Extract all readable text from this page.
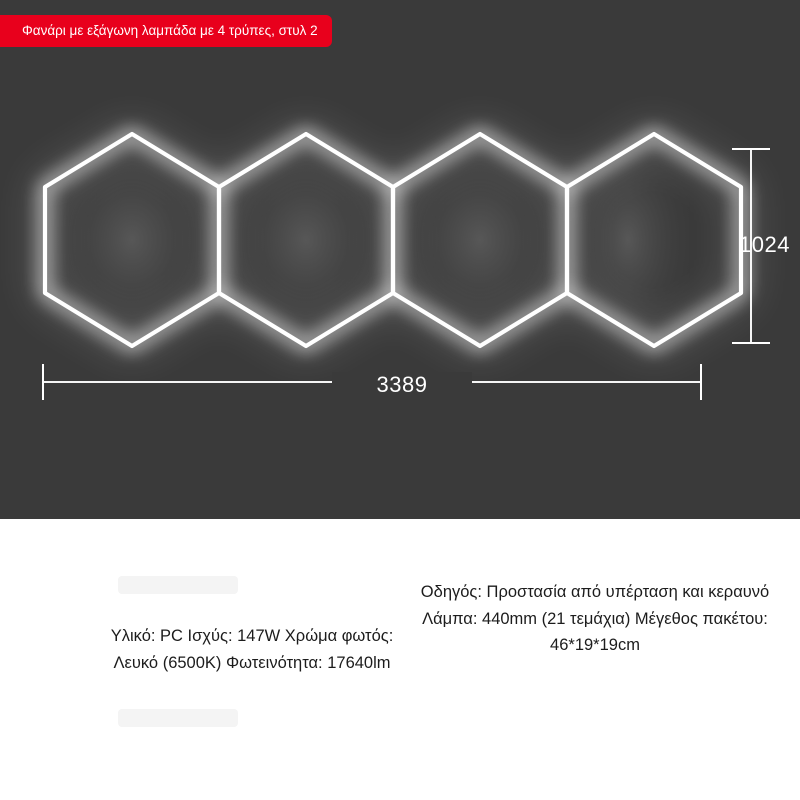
Φανάρι με εξάγωνη λαμπάδα με 4 τρύπες, στυλ 2
1024
3389
Υλικό: PC Ισχύς: 147W Χρώμα φωτός: Λευκό (6500K) Φωτεινότητα: 17640lm
Οδηγός: Προστασία από υπέρταση και κεραυνό Λάμπα: 440mm (21 τεμάχια) Μέγεθος πακέτου: 46*19*19cm
